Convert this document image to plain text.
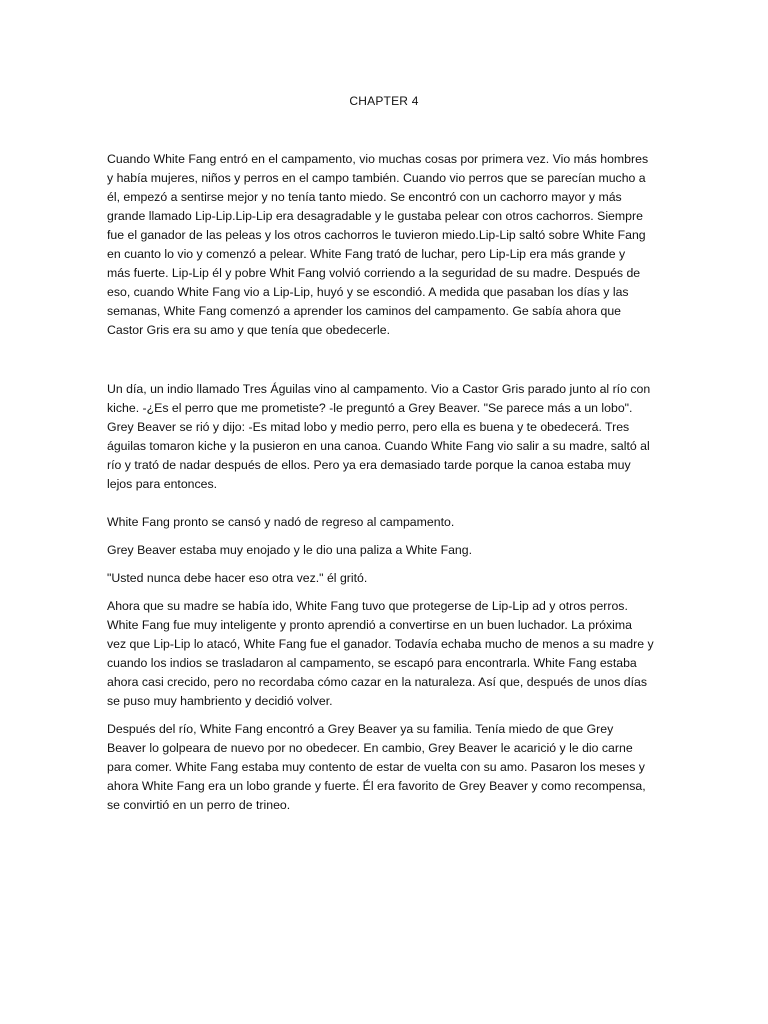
CHAPTER 4

Cuando White Fang entró en el campamento, vio muchas cosas por primera vez. Vio más hombres
y había mujeres, niños y perros en el campo también. Cuando vio perros que se parecían mucho a
él, empezó a sentirse mejor y no tenía tanto miedo. Se encontró con un cachorro mayor y más
grande llamado Lip-Lip.Lip-Lip era desagradable y le gustaba pelear con otros cachorros. Siempre
fue el ganador de las peleas y los otros cachorros le tuvieron miedo.Lip-Lip saltó sobre White Fang
en cuanto lo vio y comenzó a pelear. White Fang trató de luchar, pero Lip-Lip era más grande y
más fuerte. Lip-Lip él y pobre Whit Fang volvió corriendo a la seguridad de su madre. Después de
eso, cuando White Fang vio a Lip-Lip, huyó y se escondió. A medida que pasaban los días y las
semanas, White Fang comenzó a aprender los caminos del campamento. Ge sabía ahora que
Castor Gris era su amo y que tenía que obedecerle.

Un día, un indio llamado Tres Águilas vino al campamento. Vio a Castor Gris parado junto al río con
kiche. -¿Es el perro que me prometiste? -le preguntó a Grey Beaver. "Se parece más a un lobo".
Grey Beaver se rió y dijo: -Es mitad lobo y medio perro, pero ella es buena y te obedecerá. Tres
águilas tomaron kiche y la pusieron en una canoa. Cuando White Fang vio salir a su madre, saltó al
río y trató de nadar después de ellos. Pero ya era demasiado tarde porque la canoa estaba muy
lejos para entonces.

White Fang pronto se cansó y nadó de regreso al campamento.

Grey Beaver estaba muy enojado y le dio una paliza a White Fang.

"Usted nunca debe hacer eso otra vez." él gritó.

Ahora que su madre se había ido, White Fang tuvo que protegerse de Lip-Lip ad y otros perros.
White Fang fue muy inteligente y pronto aprendió a convertirse en un buen luchador. La próxima
vez que Lip-Lip lo atacó, White Fang fue el ganador. Todavía echaba mucho de menos a su madre y
cuando los indios se trasladaron al campamento, se escapó para encontrarla. White Fang estaba
ahora casi crecido, pero no recordaba cómo cazar en la naturaleza. Así que, después de unos días
se puso muy hambriento y decidió volver.

Después del río, White Fang encontró a Grey Beaver ya su familia. Tenía miedo de que Grey
Beaver lo golpeara de nuevo por no obedecer. En cambio, Grey Beaver le acarició y le dio carne
para comer. White Fang estaba muy contento de estar de vuelta con su amo. Pasaron los meses y
ahora White Fang era un lobo grande y fuerte. Él era favorito de Grey Beaver y como recompensa,
se convirtió en un perro de trineo.
